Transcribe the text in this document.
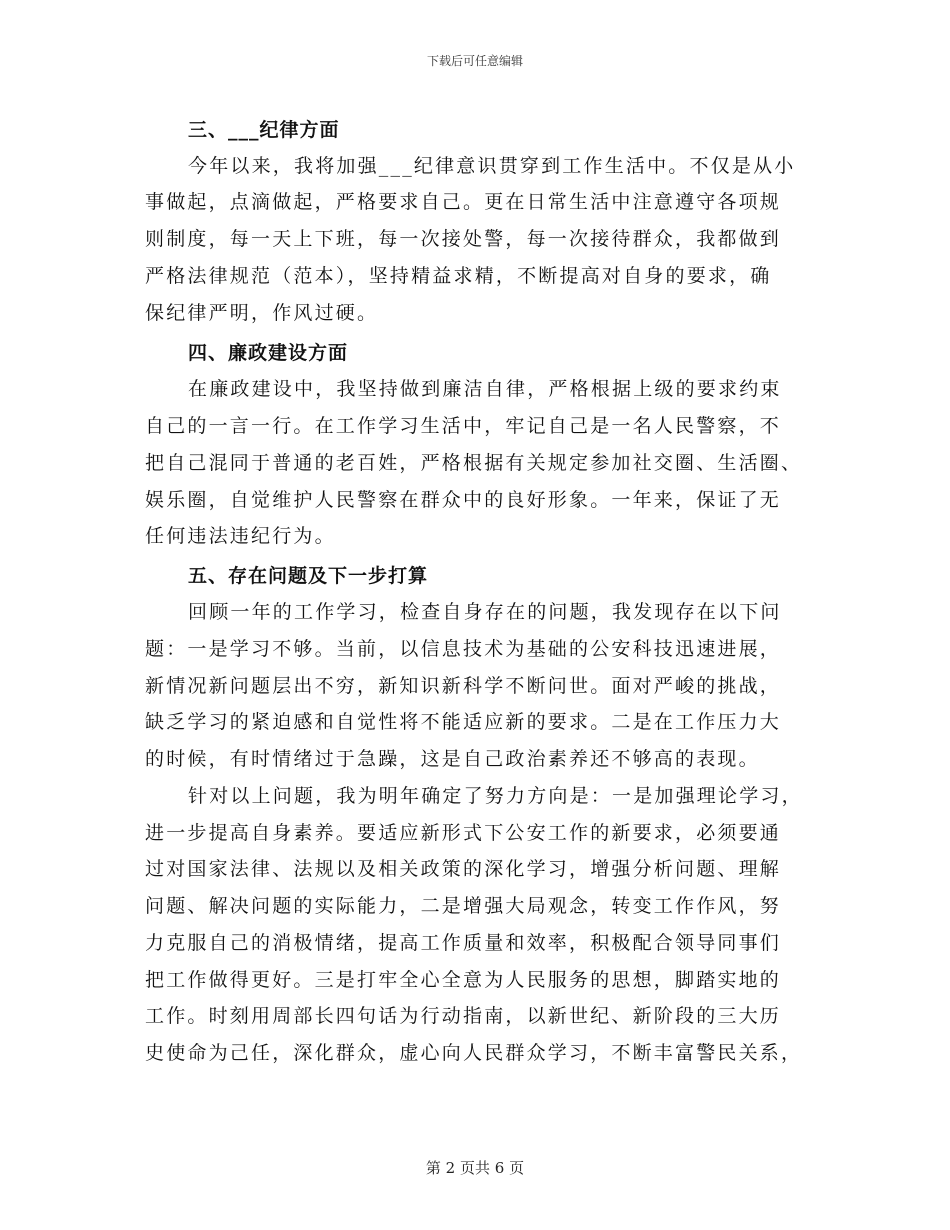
下载后可任意编辑
三、___纪律方面
今年以来，我将加强___纪律意识贯穿到工作生活中。不仅是从小
事做起，点滴做起，严格要求自己。更在日常生活中注意遵守各项规
则制度，每一天上下班，每一次接处警，每一次接待群众，我都做到
严格法律规范（范本），坚持精益求精，不断提高对自身的要求，确
保纪律严明，作风过硬。
四、廉政建设方面
在廉政建设中，我坚持做到廉洁自律，严格根据上级的要求约束
自己的一言一行。在工作学习生活中，牢记自己是一名人民警察，不
把自己混同于普通的老百姓，严格根据有关规定参加社交圈、生活圈、
娱乐圈，自觉维护人民警察在群众中的良好形象。一年来，保证了无
任何违法违纪行为。
五、存在问题及下一步打算
回顾一年的工作学习，检查自身存在的问题，我发现存在以下问
题：一是学习不够。当前，以信息技术为基础的公安科技迅速进展，
新情况新问题层出不穷，新知识新科学不断问世。面对严峻的挑战，
缺乏学习的紧迫感和自觉性将不能适应新的要求。二是在工作压力大
的时候，有时情绪过于急躁，这是自己政治素养还不够高的表现。
针对以上问题，我为明年确定了努力方向是：一是加强理论学习，
进一步提高自身素养。要适应新形式下公安工作的新要求，必须要通
过对国家法律、法规以及相关政策的深化学习，增强分析问题、理解
问题、解决问题的实际能力，二是增强大局观念，转变工作作风，努
力克服自己的消极情绪，提高工作质量和效率，积极配合领导同事们
把工作做得更好。三是打牢全心全意为人民服务的思想，脚踏实地的
工作。时刻用周部长四句话为行动指南，以新世纪、新阶段的三大历
史使命为己任，深化群众，虚心向人民群众学习，不断丰富警民关系，
第 2 页共 6 页
